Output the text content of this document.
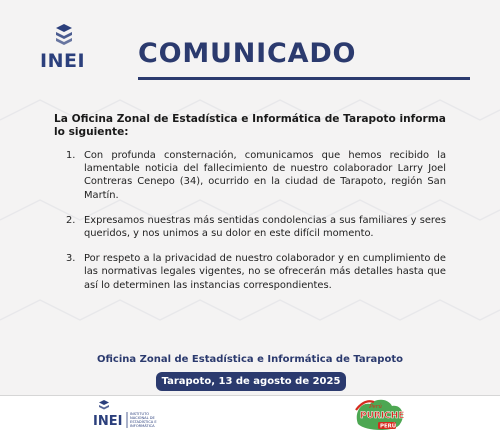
INEI COMUNICADO

La Oficina Zonal de Estadística e Informática de Tarapoto informa lo siguiente:

1. Con profunda consternación, comunicamos que hemos recibido la lamentable noticia del fallecimiento de nuestro colaborador Larry Joel Contreras Cenepo (34), ocurrido en la ciudad de Tarapoto, región San Martín.
2. Expresamos nuestras más sentidas condolencias a sus familiares y seres queridos, y nos unimos a su dolor en este difícil momento.
3. Por respeto a la privacidad de nuestro colaborador y en cumplimiento de las normativas legales vigentes, no se ofrecerán más detalles hasta que así lo determinen las instancias correspondientes.
Oficina Zonal de Estadística e Informática de Tarapoto
Tarapoto, 13 de agosto de 2025
INEI INSTITUTO
NACIONAL DE
ESTADÍSTICA E
INFORMÁTICA
Perú
PURICHE
PERÚ
